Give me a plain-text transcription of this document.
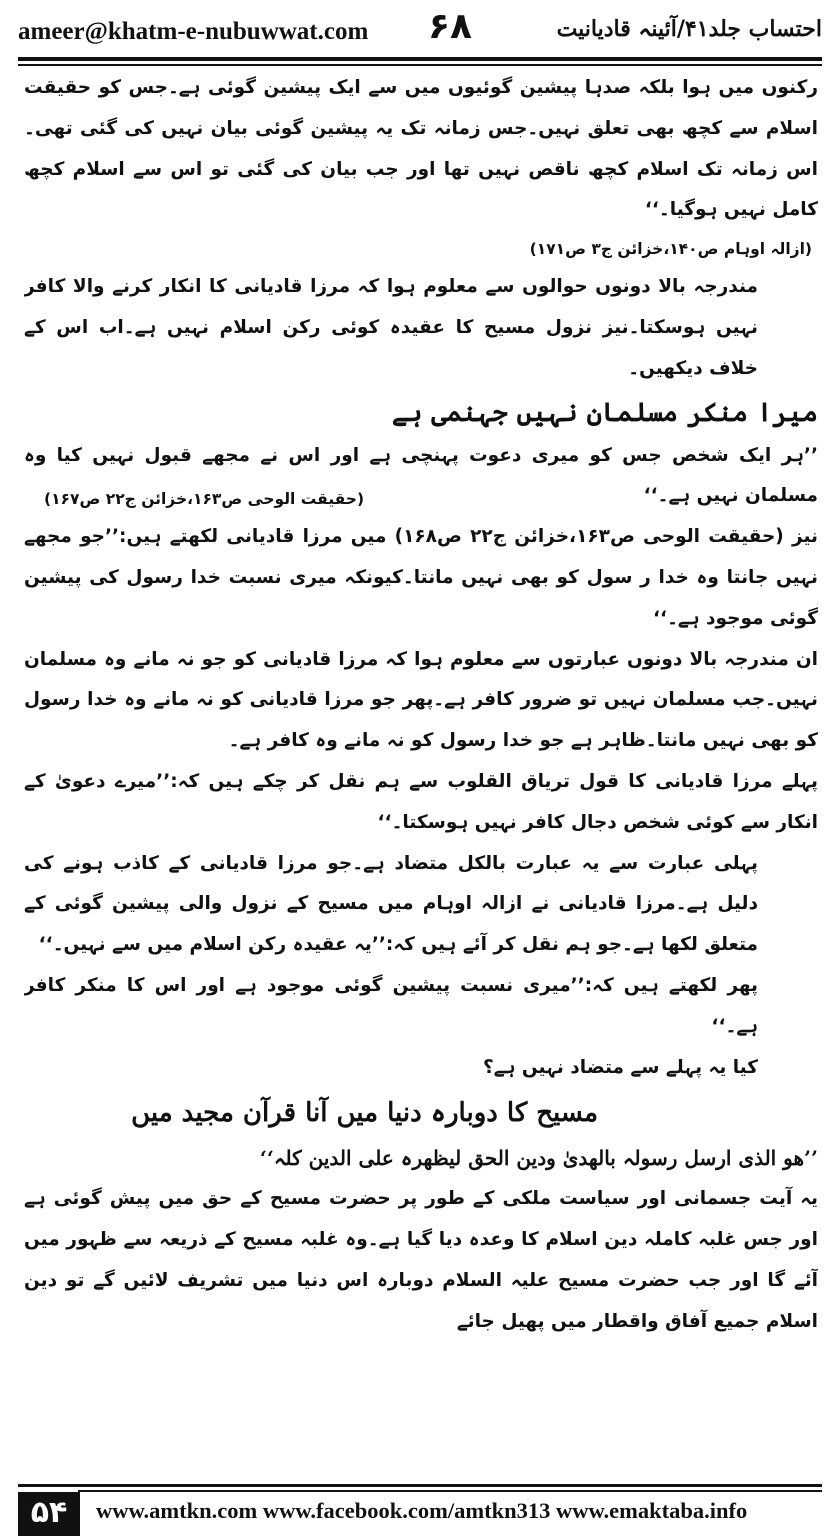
ameer@khatm-e-nubuwwat.com ۶۸	احتساب جلد۴۱/آئینہ قادیانیت

رکنوں میں ہوا بلکہ صدہا پیشین گوئیوں میں سے ایک پیشین گوئی ہے۔جس کو حقیقت اسلام سے کچھ بھی تعلق نہیں۔جس زمانہ تک یہ پیشین گوئی بیان نہیں کی گئی تھی۔اس زمانہ تک اسلام کچھ ناقص نہیں تھا اور جب بیان کی گئی تو اس سے اسلام کچھ کامل نہیں ہوگیا۔‘‘

(ازالہ اوہام ص۱۴۰،خزائن ج۳ ص۱۷۱)

مندرجہ بالا دونوں حوالوں سے معلوم ہوا کہ مرزا قادیانی کا انکار کرنے والا کافر نہیں ہوسکتا۔نیز نزول مسیح کا عقیدہ کوئی رکن اسلام نہیں ہے۔اب اس کے خلاف دیکھیں۔

میرا منکر مسلمان نہیں جہنمی ہے

’’ہر ایک شخص جس کو میری دعوت پہنچی ہے اور اس نے مجھے قبول نہیں کیا وہ مسلمان نہیں ہے۔‘‘

(حقیقت الوحی ص۱۶۳،خزائن ج۲۲ ص۱۶۷)

نیز (حقیقت الوحی ص۱۶۳،خزائن ج۲۲ ص۱۶۸) میں مرزا قادیانی لکھتے ہیں:’’جو مجھے نہیں جانتا وہ خدا ر سول کو بھی نہیں مانتا۔کیونکہ میری نسبت خدا رسول کی پیشین گوئی موجود ہے۔‘‘

ان مندرجہ بالا دونوں عبارتوں سے معلوم ہوا کہ مرزا قادیانی کو جو نہ مانے وہ مسلمان نہیں۔جب مسلمان نہیں تو ضرور کافر ہے۔پھر جو مرزا قادیانی کو نہ مانے وہ خدا رسول کو بھی نہیں مانتا۔ظاہر ہے جو خدا رسول کو نہ مانے وہ کافر ہے۔

پہلے مرزا قادیانی کا قول تریاق القلوب سے ہم نقل کر چکے ہیں کہ:’’میرے دعویٰ کے انکار سے کوئی شخص دجال کافر نہیں ہوسکتا۔‘‘

پہلی عبارت سے یہ عبارت بالکل متضاد ہے۔جو مرزا قادیانی کے کاذب ہونے کی دلیل ہے۔مرزا قادیانی نے ازالہ اوہام میں مسیح کے نزول والی پیشین گوئی کے متعلق لکھا ہے۔جو ہم نقل کر آئے ہیں کہ:’’یہ عقیدہ رکن اسلام میں سے نہیں۔‘‘

پھر لکھتے ہیں کہ:’’میری نسبت پیشین گوئی موجود ہے اور اس کا منکر کافر ہے۔‘‘

کیا یہ پہلے سے متضاد نہیں ہے؟

مسیح کا دوبارہ دنیا میں آنا قرآن مجید میں

’’ھو الذی ارسل رسولہ بالھدیٰ ودین الحق لیظھرہ علی الدین کلہ‘‘

یہ آیت جسمانی اور سیاست ملکی کے طور پر حضرت مسیح کے حق میں پیش گوئی ہے اور جس غلبہ کاملہ دین اسلام کا وعدہ دیا گیا ہے۔وہ غلبہ مسیح کے ذریعہ سے ظہور میں آئے گا اور جب حضرت مسیح علیہ السلام دوبارہ اس دنیا میں تشریف لائیں گے تو دین اسلام جمیع آفاق واقطار میں پھیل جائے

۵۴	www.amtkn.com www.facebook.com/amtkn313 www.emaktaba.info
